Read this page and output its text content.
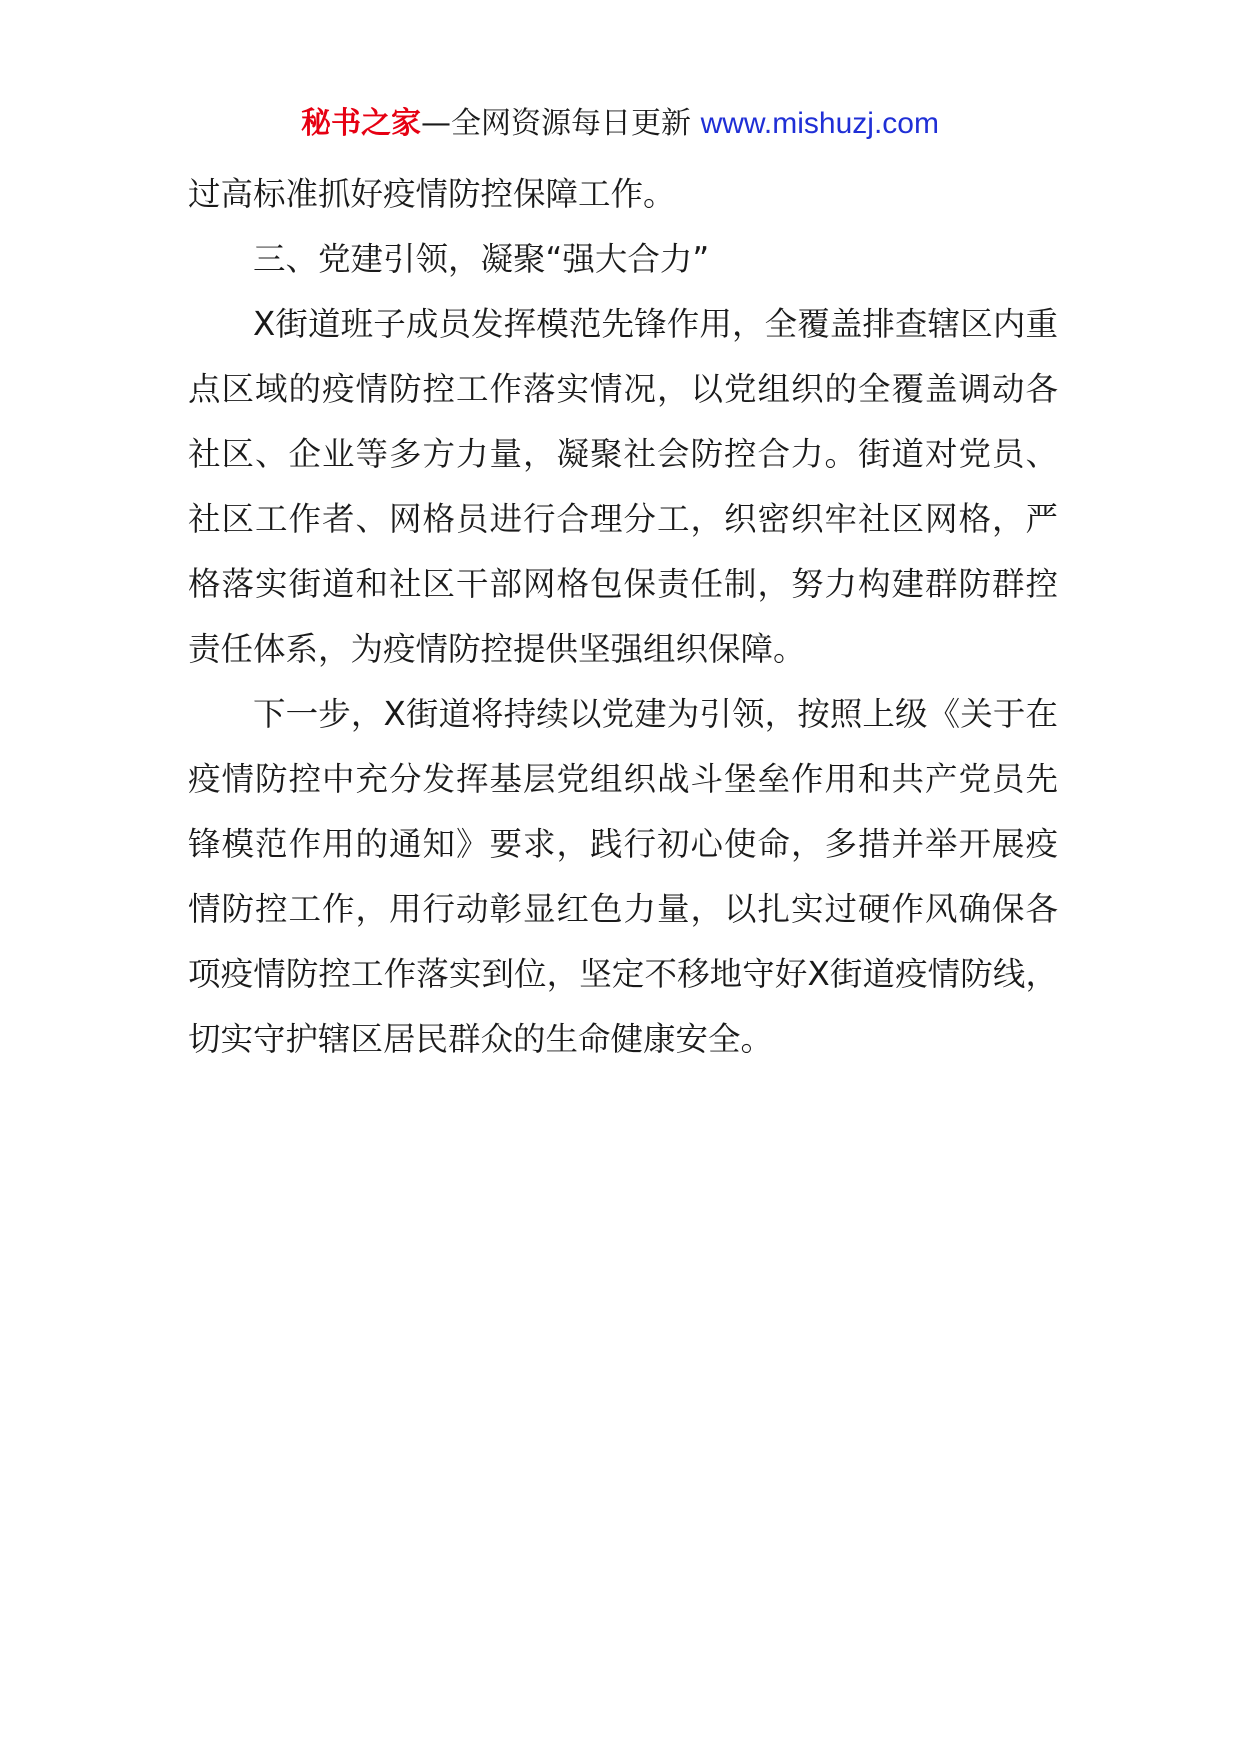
秘书之家—全网资源每日更新 www.mishuzj.com

过高标准抓好疫情防控保障工作。

三、党建引领，凝聚“强大合力”

X街道班子成员发挥模范先锋作用，全覆盖排查辖区内重点区域的疫情防控工作落实情况，以党组织的全覆盖调动各社区、企业等多方力量，凝聚社会防控合力。街道对党员、社区工作者、网格员进行合理分工，织密织牢社区网格，严格落实街道和社区干部网格包保责任制，努力构建群防群控责任体系，为疫情防控提供坚强组织保障。

下一步，X街道将持续以党建为引领，按照上级《关于在疫情防控中充分发挥基层党组织战斗堡垒作用和共产党员先锋模范作用的通知》要求，践行初心使命，多措并举开展疫情防控工作，用行动彰显红色力量，以扎实过硬作风确保各项疫情防控工作落实到位，坚定不移地守好X街道疫情防线，切实守护辖区居民群众的生命健康安全。
